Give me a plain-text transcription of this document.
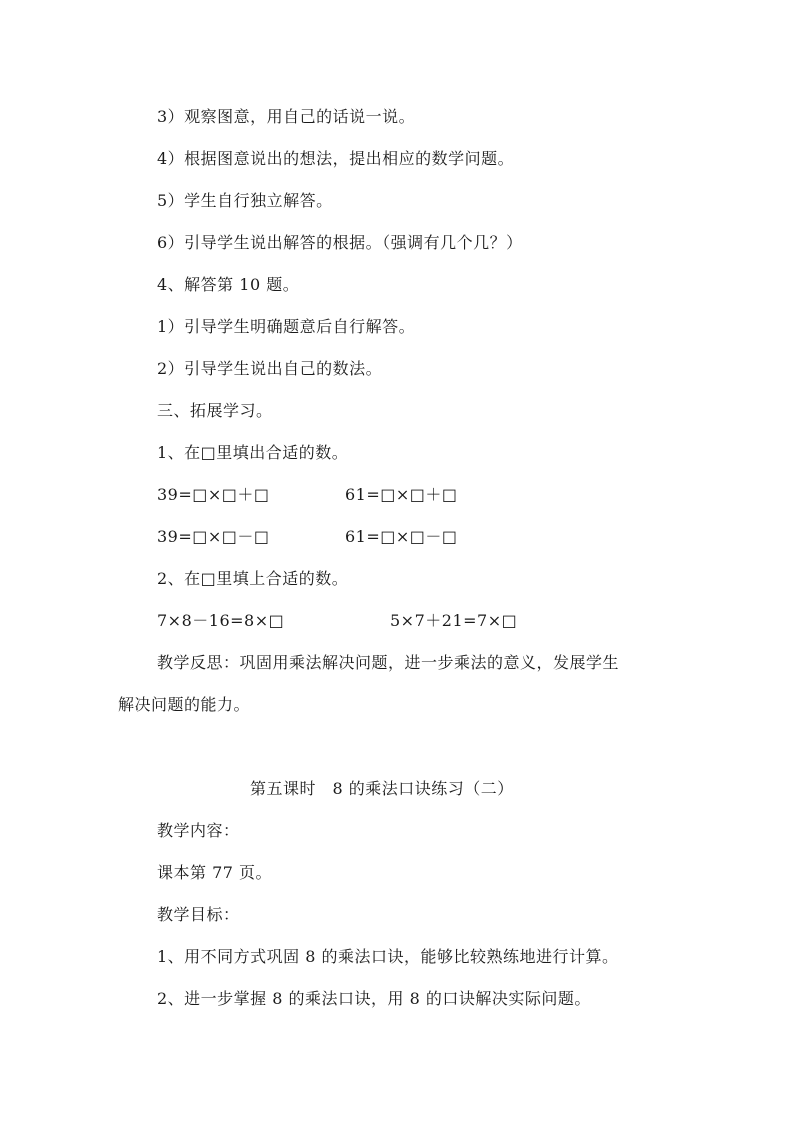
3）观察图意，用自己的话说一说。
4）根据图意说出的想法，提出相应的数学问题。
5）学生自行独立解答。
6）引导学生说出解答的根据。（强调有几个几？）
4、解答第 10 题。
1）引导学生明确题意后自行解答。
2）引导学生说出自己的数法。
三、拓展学习。
1、在□里填出合适的数。
39=□×□＋□	61=□×□＋□
39=□×□－□	61=□×□－□
2、在□里填上合适的数。
7×8－16=8×□	5×7＋21=7×□
教学反思：巩固用乘法解决问题，进一步乘法的意义，发展学生
解决问题的能力。
第五课时　8 的乘法口诀练习（二）
教学内容：
课本第 77 页。
教学目标：
1、用不同方式巩固 8 的乘法口诀，能够比较熟练地进行计算。
2、进一步掌握 8 的乘法口诀，用 8 的口诀解决实际问题。
